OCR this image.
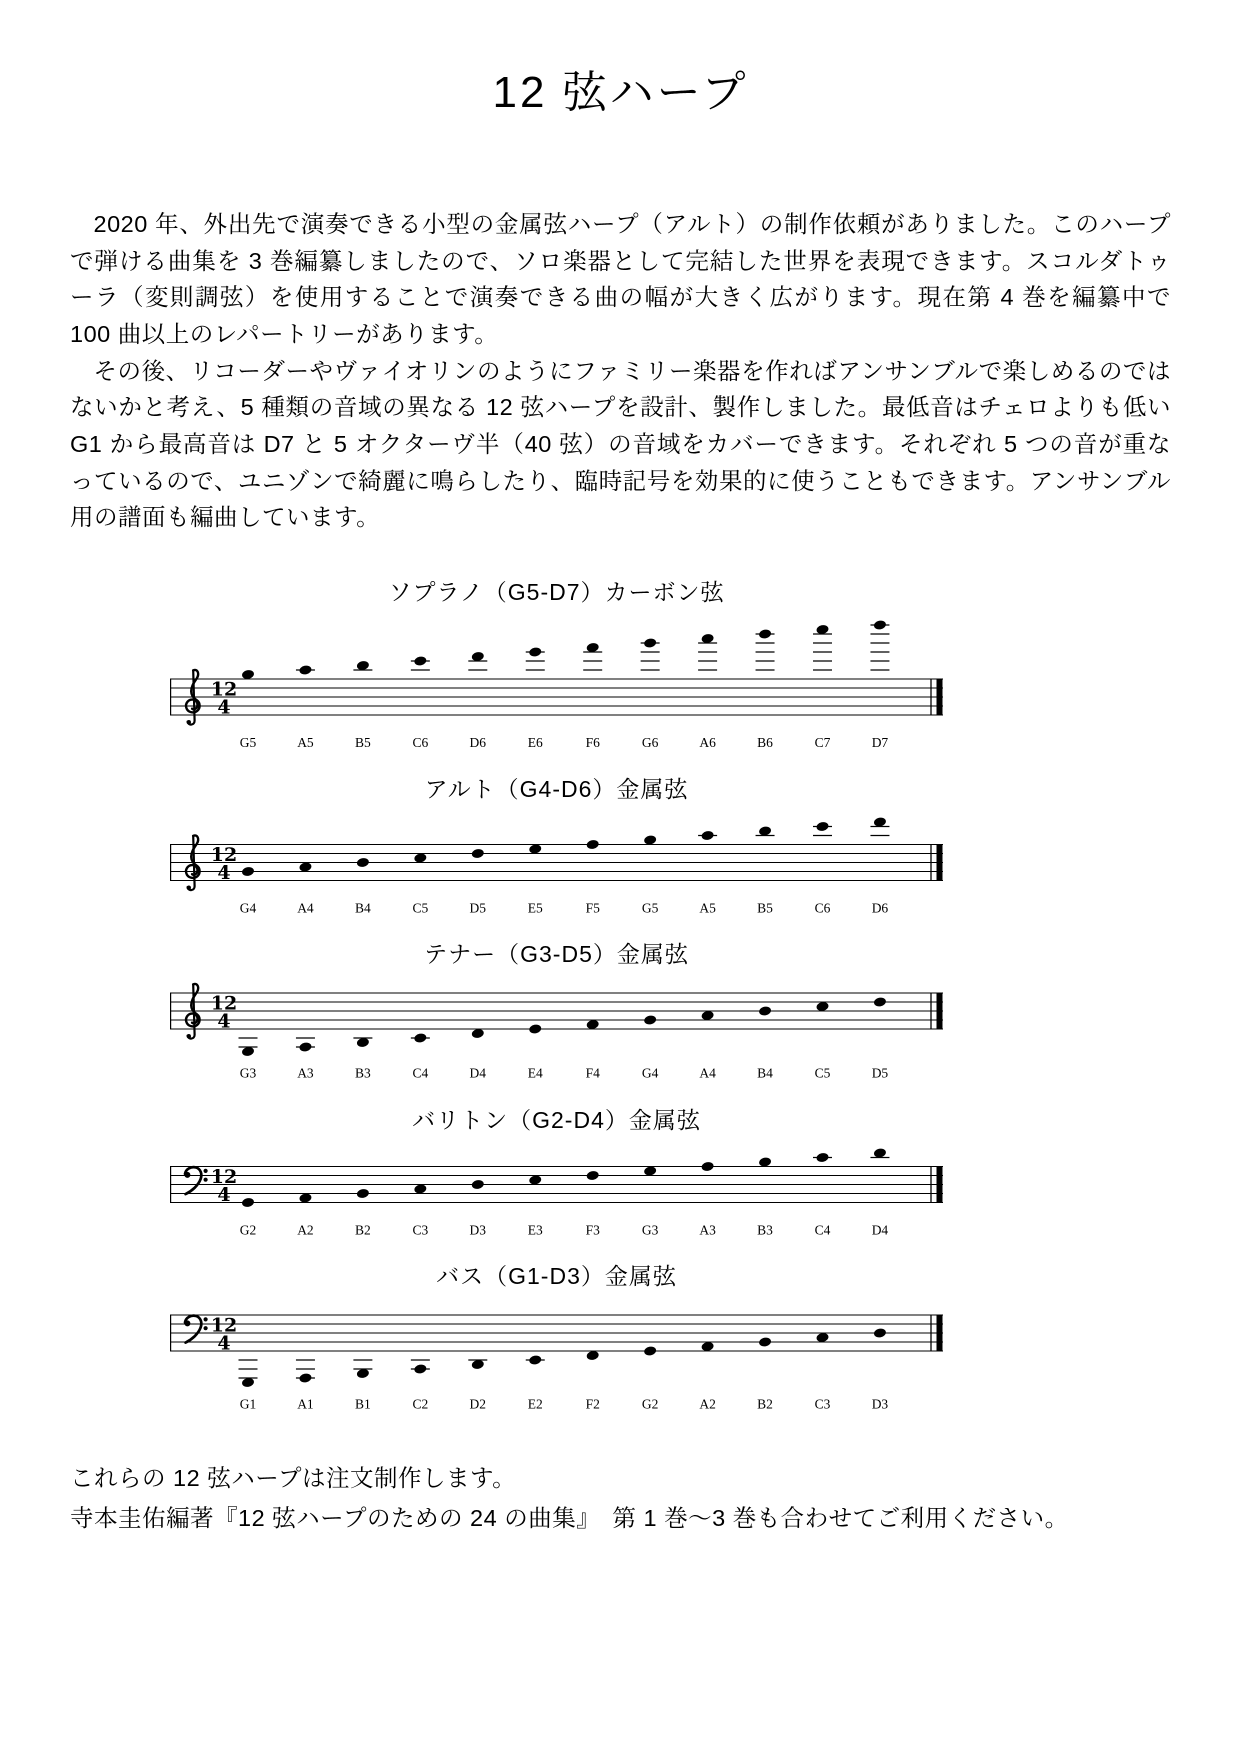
12 弦ハープ

2020 年、外出先で演奏できる小型の金属弦ハープ（アルト）の制作依頼がありました。このハープで弾ける曲集を 3 巻編纂しましたので、ソロ楽器として完結した世界を表現できます。スコルダトゥーラ（変則調弦）を使用することで演奏できる曲の幅が大きく広がります。現在第 4 巻を編纂中で 100 曲以上のレパートリーがあります。

その後、リコーダーやヴァイオリンのようにファミリー楽器を作ればアンサンブルで楽しめるのではないかと考え、5 種類の音域の異なる 12 弦ハープを設計、製作しました。最低音はチェロよりも低い G1 から最高音は D7 と 5 オクターヴ半（40 弦）の音域をカバーできます。それぞれ 5 つの音が重なっているので、ユニゾンで綺麗に鳴らしたり、臨時記号を効果的に使うこともできます。アンサンブル用の譜面も編曲しています。

ソプラノ（G5-D7）カーボン弦
12
4
G5	A5	B5	C6	D6	E6	F6	G6	A6	B6	C7	D7
アルト（G4-D6）金属弦
12
4
G4	A4	B4	C5	D5	E5	F5	G5	A5	B5	C6	D6
テナー（G3-D5）金属弦
12
4
G3	A3	B3	C4	D4	E4	F4	G4	A4	B4	C5	D5
バリトン（G2-D4）金属弦
12
4
G2	A2	B2	C3	D3	E3	F3	G3	A3	B3	C4	D4
バス（G1-D3）金属弦
12
4
G1	A1	B1	C2	D2	E2	F2	G2	A2	B2	C3	D3

これらの 12 弦ハープは注文制作します。

寺本圭佑編著『12 弦ハープのための 24 の曲集』　第 1 巻～3 巻も合わせてご利用ください。
